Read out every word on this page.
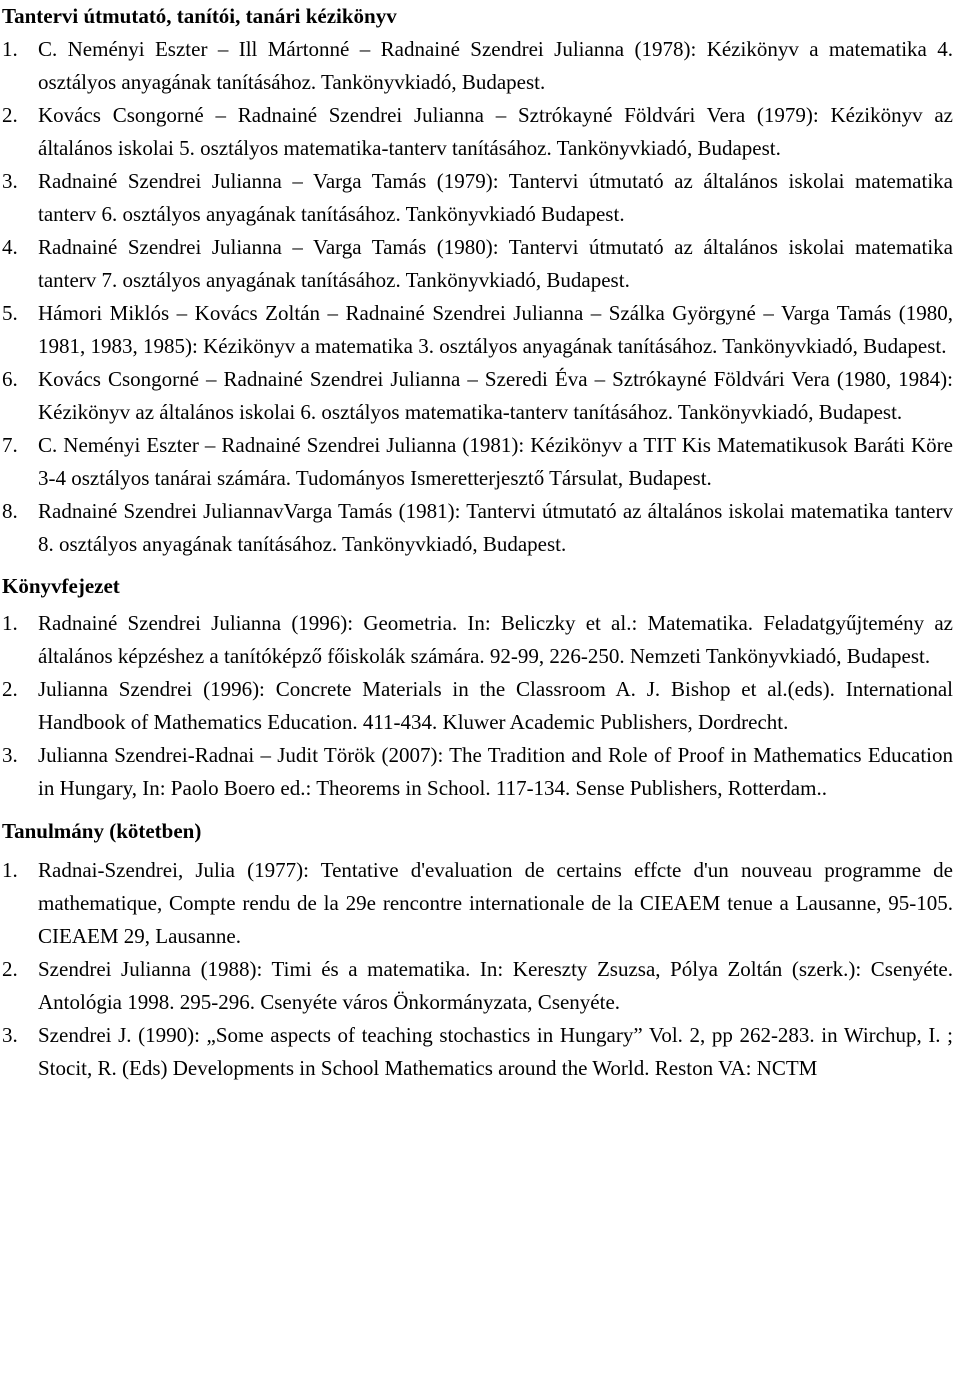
Tantervi útmutató, tanítói, tanári kézikönyv
1. C. Neményi Eszter – Ill Mártonné – Radnainé Szendrei Julianna (1978): Kézikönyv a matematika 4. osztályos anyagának tanításához. Tankönyvkiadó, Budapest.
2. Kovács Csongorné – Radnainé Szendrei Julianna – Sztrókayné Földvári Vera (1979): Kézikönyv az általános iskolai 5. osztályos matematika-tanterv tanításához. Tankönyvkiadó, Budapest.
3. Radnainé Szendrei Julianna – Varga Tamás (1979): Tantervi útmutató az általános iskolai matematika tanterv 6. osztályos anyagának tanításához. Tankönyvkiadó Budapest.
4. Radnainé Szendrei Julianna – Varga Tamás (1980): Tantervi útmutató az általános iskolai matematika tanterv 7. osztályos anyagának tanításához. Tankönyvkiadó, Budapest.
5. Hámori Miklós – Kovács Zoltán – Radnainé Szendrei Julianna – Szálka Györgyné – Varga Tamás (1980, 1981, 1983, 1985): Kézikönyv a matematika 3. osztályos anyagának tanításához. Tankönyvkiadó, Budapest.
6. Kovács Csongorné – Radnainé Szendrei Julianna – Szeredi Éva – Sztrókayné Földvári Vera (1980, 1984): Kézikönyv az általános iskolai 6. osztályos matematika-tanterv tanításához. Tankönyvkiadó, Budapest.
7. C. Neményi Eszter – Radnainé Szendrei Julianna (1981): Kézikönyv a TIT Kis Matematikusok Baráti Köre 3-4 osztályos tanárai számára. Tudományos Ismeretterjesztő Társulat, Budapest.
8. Radnainé Szendrei JuliannavVarga Tamás (1981): Tantervi útmutató az általános iskolai matematika tanterv 8. osztályos anyagának tanításához. Tankönyvkiadó, Budapest.
Könyvfejezet
1. Radnainé Szendrei Julianna (1996): Geometria. In: Beliczky et al.: Matematika. Feladatgyűjtemény az általános képzéshez a tanítóképző főiskolák számára. 92-99, 226-250. Nemzeti Tankönyvkiadó, Budapest.
2. Julianna Szendrei (1996): Concrete Materials in the Classroom A. J. Bishop et al.(eds). International Handbook of Mathematics Education. 411-434. Kluwer Academic Publishers, Dordrecht.
3. Julianna Szendrei-Radnai – Judit Török (2007): The Tradition and Role of Proof in Mathematics Education in Hungary, In: Paolo Boero ed.: Theorems in School. 117-134. Sense Publishers, Rotterdam..
Tanulmány (kötetben)
1. Radnai-Szendrei, Julia (1977): Tentative d'evaluation de certains effcte d'un nouveau programme de mathematique, Compte rendu de la 29e rencontre internationale de la CIEAEM tenue a Lausanne, 95-105. CIEAEM 29, Lausanne.
2. Szendrei Julianna (1988): Timi és a matematika. In: Kereszty Zsuzsa, Pólya Zoltán (szerk.): Csenyéte. Antológia 1998. 295-296. Csenyéte város Önkormányzata, Csenyéte.
3. Szendrei J. (1990): „Some aspects of teaching stochastics in Hungary” Vol. 2, pp 262-283. in Wirchup, I. ; Stocit, R. (Eds) Developments in School Mathematics around the World. Reston VA: NCTM
